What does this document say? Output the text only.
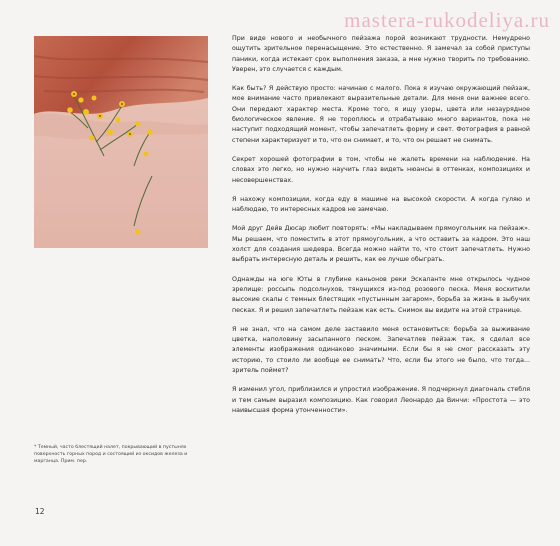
mastera-rukodeliya.ru

При виде нового и необычного пейзажа порой возникают трудности. Немудрено ощутить зрительное перенасыщение. Это естественно. Я замечал за собой приступы паники, когда истекает срок выполнения заказа, а мне нужно творить по требованию. Уверен, это случается с каждым.

Как быть? Я действую просто: начинаю с малого. Пока я изучаю окружающий пейзаж, мое внимание часто привлекают выразительные детали. Для меня они важнее всего. Они передают характер места. Кроме того, я ищу узоры, цвета или незаурядное биологическое явление. Я не тороплюсь и отрабатываю много вариантов, пока не наступит подходящий момент, чтобы запечатлеть форму и свет. Фотография в равной степени характеризует и то, что он снимает, и то, что он решает не снимать.

Секрет хорошей фотографии в том, чтобы не жалеть времени на наблюдение. На словах это легко, но нужно научить глаз видеть нюансы в оттенках, композициях и несовершенствах.

Я нахожу композиции, когда еду в машине на высокой скорости. А когда гуляю и наблюдаю, то интересных кадров не замечаю.

Мой друг Дейв Дюсар любит повторять: «Мы накладываем прямоугольник на пейзаж». Мы решаем, что поместить в этот прямоугольник, а что оставить за кадром. Это наш холст для создания шедевра. Всегда можно найти то, что стоит запечатлеть. Нужно выбрать интересную деталь и решить, как ее лучше обыграть.

Однажды на юге Юты в глубине каньонов реки Эскаланте мне открылось чудное зрелище: россыпь подсолнухов, тянущихся из-под розового песка. Меня восхитили высокие скалы с темных блестящих «пустынным загаром», борьба за жизнь в зыбучих песках. Я и решил запечатлеть пейзаж как есть. Снимок вы видите на этой странице.

Я не знал, что на самом деле заставило меня остановиться: борьба за выживание цветка, наполовину засыпанного песком. Запечатлев пейзаж так, я сделал все элементы изображения одинаково значимыми. Если бы я не смог рассказать эту историю, то стоило ли вообще ее снимать? Что, если бы этого не было, что тогда... зритель поймет?

Я изменил угол, приблизился и упростил изображение. Я подчеркнул диагональ стебля и тем самым выразил композицию. Как говорил Леонардо да Винчи: «Простота — это наивысшая форма утонченности».

* Темный, часто блестящий налет, покрывающий в пустынях поверхность горных пород и состоящий из оксидов железа и марганца. Прим. пер.
12
